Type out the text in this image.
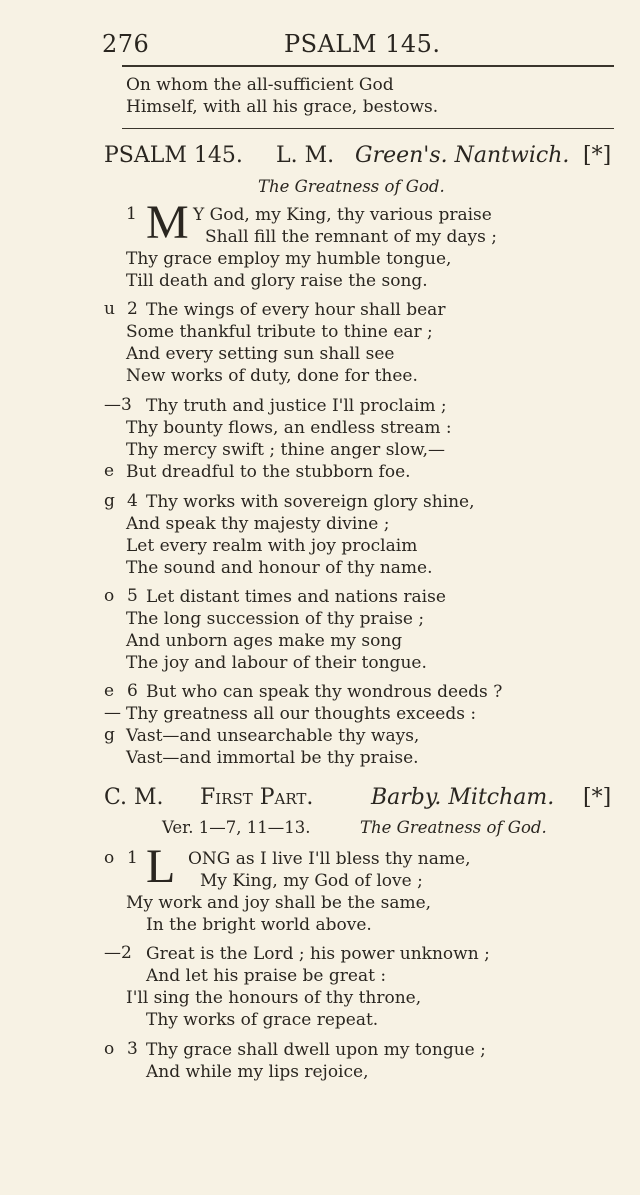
276	PSALM 145.
On whom the all-sufficient God
Himself, with all his grace, bestows.
PSALM 145. L. M. Green's. Nantwich. [*]
The Greatness of God.
1 M Y God, my King, thy various praise
Shall fill the remnant of my days ;
Thy grace employ my humble tongue,
Till death and glory raise the song.
u 2 The wings of every hour shall bear
Some thankful tribute to thine ear ;
And every setting sun shall see
New works of duty, done for thee.
—3 Thy truth and justice I'll proclaim ;
Thy bounty flows, an endless stream :
Thy mercy swift ; thine anger slow,—
e But dreadful to the stubborn foe.
g 4 Thy works with sovereign glory shine,
And speak thy majesty divine ;
Let every realm with joy proclaim
The sound and honour of thy name.
o 5 Let distant times and nations raise
The long succession of thy praise ;
And unborn ages make my song
The joy and labour of their tongue.
e 6 But who can speak thy wondrous deeds ?
— Thy greatness all our thoughts exceeds :
g Vast—and unsearchable thy ways,
Vast—and immortal be thy praise.
C. M. First Part.	Barby. Mitcham. [*]
Ver. 1—7, 11—13.	The Greatness of God.
o 1 L ONG as I live I'll bless thy name,
My King, my God of love ;
My work and joy shall be the same,
In the bright world above.
—2 Great is the Lord ; his power unknown ;
And let his praise be great :
I'll sing the honours of thy throne,
Thy works of grace repeat.
o 3 Thy grace shall dwell upon my tongue ;
And while my lips rejoice,
